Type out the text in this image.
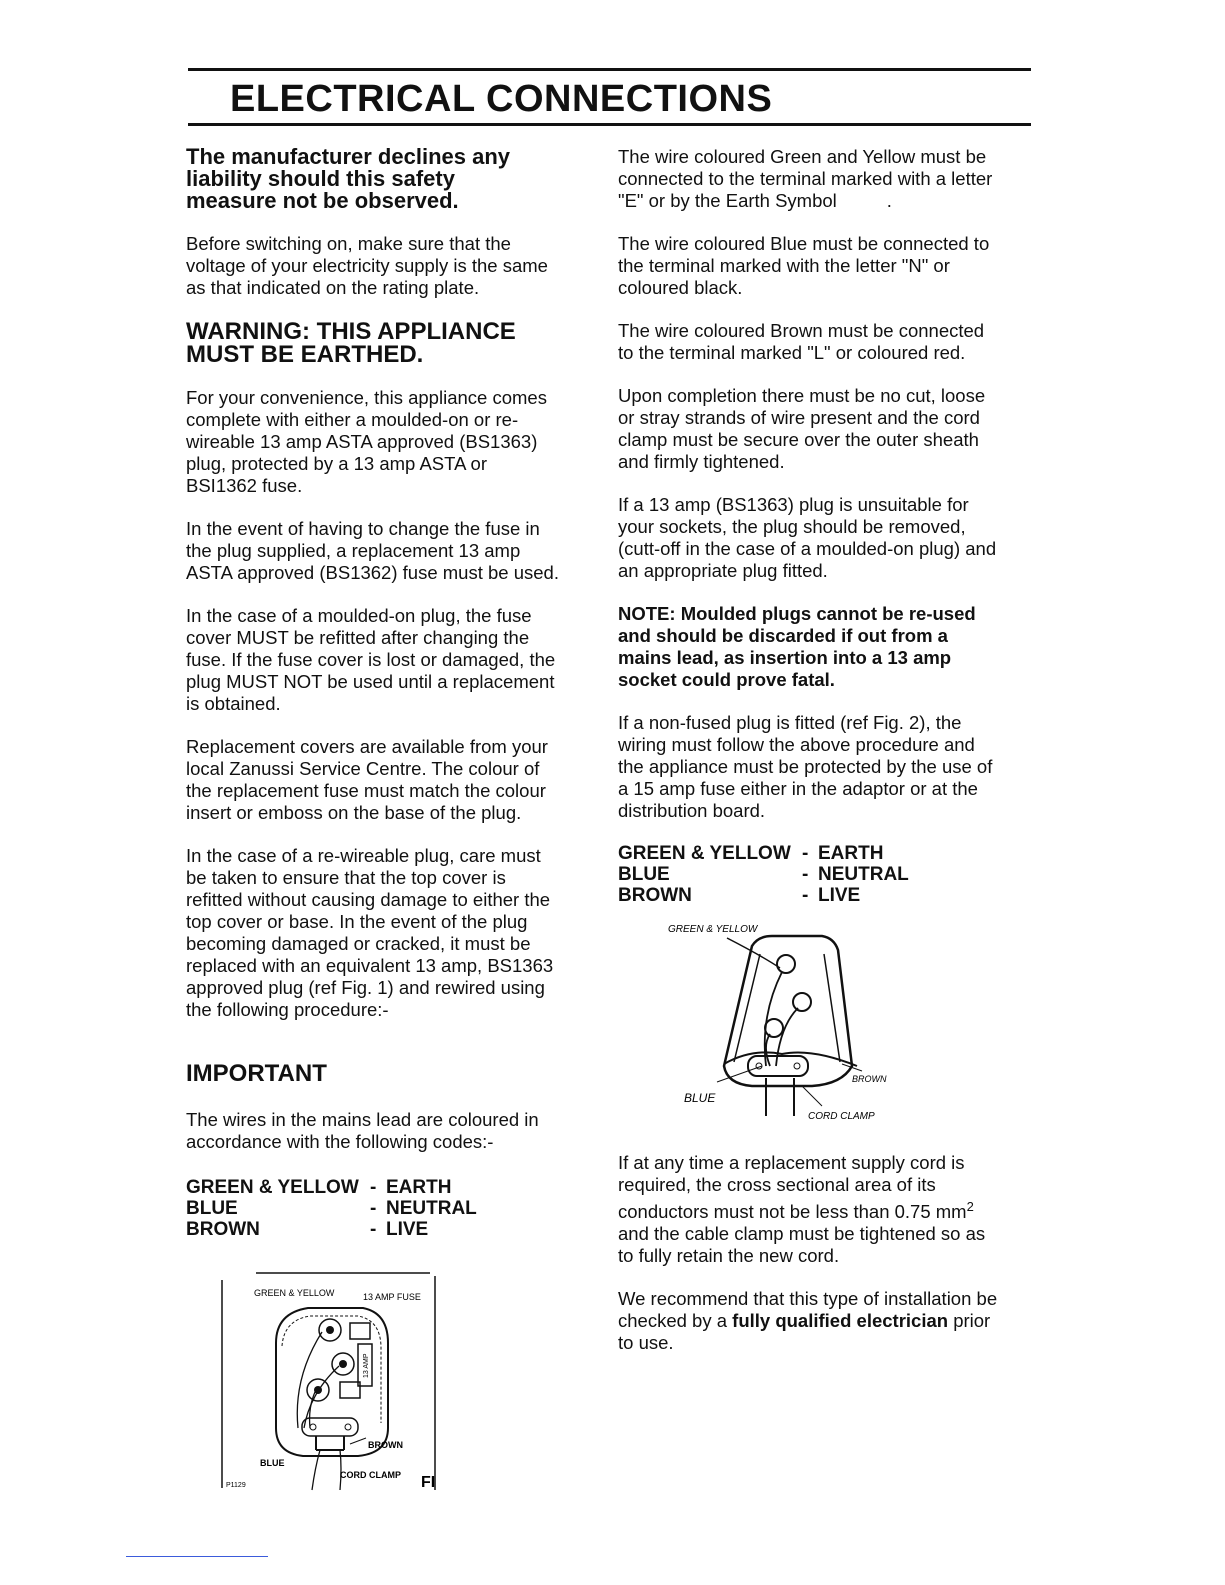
ELECTRICAL CONNECTIONS

The manufacturer declines any liability should this safety measure not be observed.

Before switching on, make sure that the voltage of your electricity supply is the same as that indicated on the rating plate.

WARNING: THIS APPLIANCE MUST BE EARTHED.

For your convenience, this appliance comes complete with either a moulded-on or re-wireable 13 amp ASTA approved (BS1363) plug, protected by a 13 amp ASTA or BSI1362 fuse.

In the event of having to change the fuse in the plug supplied, a replacement 13 amp ASTA approved (BS1362) fuse must be used.

In the case of a moulded-on plug, the fuse cover MUST be refitted after changing the fuse. If the fuse cover is lost or damaged, the plug MUST NOT be used until a replacement is obtained.

Replacement covers are available from your local Zanussi Service Centre. The colour of the replacement fuse must match the colour insert or emboss on the base of the plug.

In the case of a re-wireable plug, care must be taken to ensure that the top cover is refitted without causing damage to either the top cover or base. In the event of the plug becoming damaged or cracked, it must be replaced with an equivalent 13 amp, BS1363 approved plug (ref Fig. 1) and rewired using the following procedure:-

IMPORTANT

The wires in the mains lead are coloured in accordance with the following codes:-

GREEN & YELLOW - EARTH
BLUE	- NEUTRAL
BROWN	- LIVE
GREEN & YELLOW	13 AMP FUSE
13 AMP
BROWN
BLUE
CORD CLAMP
P1129	FI

The wire coloured Green and Yellow must be connected to the terminal marked with a letter "E" or by the Earth Symbol	.

The wire coloured Blue must be connected to the terminal marked with the letter "N" or coloured black.

The wire coloured Brown must be connected to the terminal marked "L" or coloured red.

Upon completion there must be no cut, loose or stray strands of wire present and the cord clamp must be secure over the outer sheath and firmly tightened.

If a 13 amp (BS1363) plug is unsuitable for your sockets, the plug should be removed, (cutt-off in the case of a moulded-on plug) and an appropriate plug fitted.

NOTE: Moulded plugs cannot be re-used and should be discarded if out from a mains lead, as insertion into a 13 amp socket could prove fatal.

If a non-fused plug is fitted (ref Fig. 2), the wiring must follow the above procedure and the appliance must be protected by the use of a 15 amp fuse either in the adaptor or at the distribution board.

GREEN & YELLOW - EARTH
BLUE	- NEUTRAL
BROWN	- LIVE
GREEN & YELLOW
BROWN
BLUE
CORD CLAMP

If at any time a replacement supply cord is required, the cross sectional area of its conductors must not be less than 0.75 $mm^2$ and the cable clamp must be tightened so as to fully retain the new cord.

We recommend that this type of installation be checked by a fully qualified electrician prior to use.
